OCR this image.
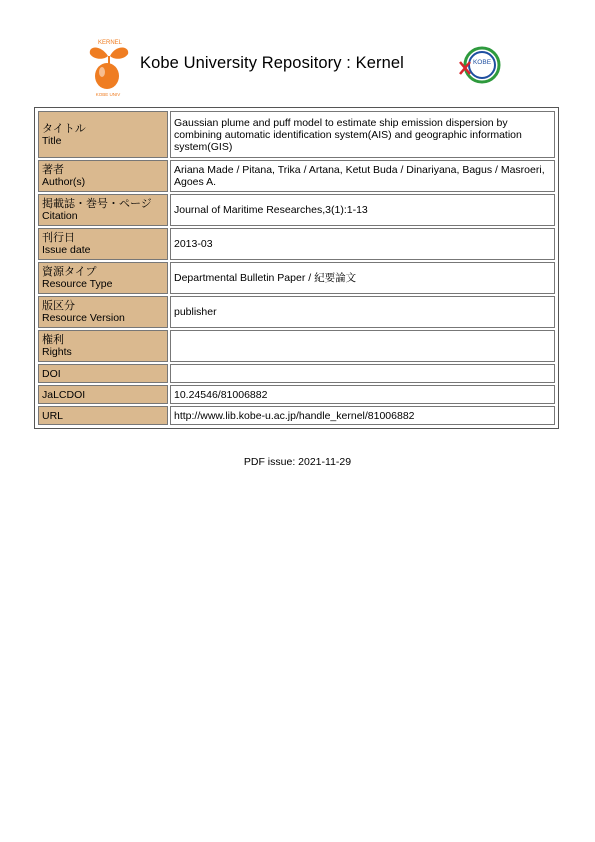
KERNEL
KOBE UNIV
Kobe University Repository : Kernel	KOBE
タイトル
Title	Gaussian plume and puff model to estimate ship emission dispersion by combining automatic identification system(AIS) and geographic information system(GIS)

著者
Author(s)	Ariana Made / Pitana, Trika / Artana, Ketut Buda / Dinariyana, Bagus / Masroeri, Agoes A.

掲載誌・巻号・ページ
Citation	Journal of Maritime Researches,3(1):1-13

刊行日
Issue date	2013-03

資源タイプ
Resource Type	Departmental Bulletin Paper / 紀要論文

版区分
Resource Version	publisher

権利
Rights	

DOI	
JaLCDOI	10.24546/81006882
URL	http://www.lib.kobe-u.ac.jp/handle_kernel/81006882
PDF issue: 2021-11-29
